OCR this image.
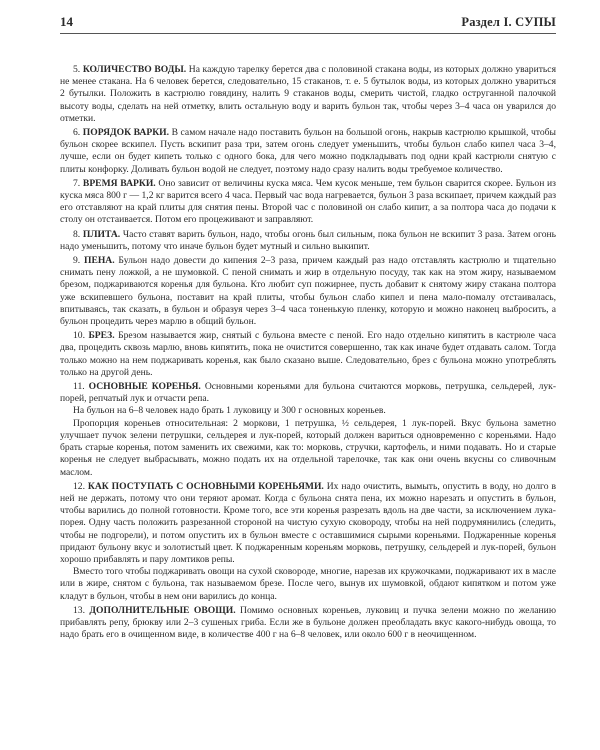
14	Раздел I. СУПЫ

5. КОЛИЧЕСТВО ВОДЫ. На каждую тарелку берется два с половиной стакана воды, из которых должно увариться не менее стакана. На 6 человек берется, следовательно, 15 стаканов, т. е. 5 бутылок воды, из которых должно увариться 2 бутылки. Положить в кастрюлю говядину, налить 9 стаканов воды, смерить чистой, гладко оструганной палочкой высоту воды, сделать на ней отметку, влить остальную воду и варить бульон так, чтобы через 3–4 часа он уварился до отметки.

6. ПОРЯДОК ВАРКИ. В самом начале надо поставить бульон на большой огонь, накрыв кастрюлю крышкой, чтобы бульон скорее вскипел. Пусть вскипит раза три, затем огонь следует уменьшить, чтобы бульон слабо кипел часа 3–4, лучше, если он будет кипеть только с одного бока, для чего можно подкладывать под одни край кастрюли снятую с плиты конфорку. Доливать бульон водой не следует, поэтому надо сразу налить воды требуемое количество.

7. ВРЕМЯ ВАРКИ. Оно зависит от величины куска мяса. Чем кусок меньше, тем бульон сварится скорее. Бульон из куска мяса 800 г — 1,2 кг варится всего 4 часа. Первый час вода нагревается, бульон 3 раза вскипает, причем каждый раз его отставляют на край плиты для снятия пены. Второй час с половиной он слабо кипит, а за полтора часа до подачи к столу он отстаивается. Потом его процеживают и заправляют.

8. ПЛИТА. Часто ставят варить бульон, надо, чтобы огонь был сильным, пока бульон не вскипит 3 раза. Затем огонь надо уменьшить, потому что иначе бульон будет мутный и сильно выкипит.

9. ПЕНА. Бульон надо довести до кипения 2–3 раза, причем каждый раз надо отставлять кастрюлю и тщательно снимать пену ложкой, а не шумовкой. С пеной снимать и жир в отдельную посуду, так как на этом жиру, называемом брезом, поджариваются коренья для бульона. Кто любит суп пожирнее, пусть добавит к снятому жиру стакана полтора уже вскипевшего бульона, поставит на край плиты, чтобы бульон слабо кипел и пена мало-помалу отстаивалась, впитываясь, так сказать, в бульон и образуя через 3–4 часа тоненькую пленку, которую и можно наконец выбросить, а бульон процедить через марлю в общий бульон.

10. БРЕЗ. Брезом называется жир, снятый с бульона вместе с пеной. Его надо отдельно кипятить в кастрюле часа два, процедить сквозь марлю, вновь кипятить, пока не очистится совершенно, так как иначе будет отдавать салом. Тогда только можно на нем поджаривать коренья, как было сказано выше. Следовательно, брез с бульона можно употреблять только на другой день.

11. ОСНОВНЫЕ КОРЕНЬЯ. Основными кореньями для бульона считаются морковь, петрушка, сельдерей, лук-порей, репчатый лук и отчасти репа.

На бульон на 6–8 человек надо брать 1 луковицу и 300 г основных кореньев.

Пропорция кореньев относительная: 2 моркови, 1 петрушка, ½ сельдерея, 1 лук-порей. Вкус бульона заметно улучшает пучок зелени петрушки, сельдерея и лук-порей, который должен вариться одновременно с кореньями. Надо брать старые коренья, потом заменить их свежими, как то: морковь, стручки, картофель, и ними подавать. Но и старые коренья не следует выбрасывать, можно подать их на отдельной тарелочке, так как они очень вкусны со сливочным маслом.

12. КАК ПОСТУПАТЬ С ОСНОВНЫМИ КОРЕНЬЯМИ. Их надо очистить, вымыть, опустить в воду, но долго в ней не держать, потому что они теряют аромат. Когда с бульона снята пена, их можно нарезать и опустить в бульон, чтобы варились до полной готовности. Кроме того, все эти коренья разрезать вдоль на две части, за исключением лука-порея. Одну часть положить разрезанной стороной на чистую сухую сковороду, чтобы на ней подрумянились (следить, чтобы не подгорели), и потом опустить их в бульон вместе с оставшимися сырыми кореньями. Поджаренные коренья придают бульону вкус и золотистый цвет. К поджаренным кореньям морковь, петрушку, сельдерей и лук-порей, бульон хорошо прибавлять и пару ломтиков репы.

Вместо того чтобы поджаривать овощи на сухой сковороде, многие, нарезав их кружочками, поджаривают их в масле или в жире, снятом с бульона, так называемом брезе. После чего, вынув их шумовкой, обдают кипятком и потом уже кладут в бульон, чтобы в нем они варились до конца.

13. ДОПОЛНИТЕЛЬНЫЕ ОВОЩИ. Помимо основных кореньев, луковиц и пучка зелени можно по желанию прибавлять репу, брюкву или 2–3 сушеных гриба. Если же в бульоне должен преобладать вкус какого-нибудь овоща, то надо брать его в очищенном виде, в количестве 400 г на 6–8 человек, или около 600 г в неочищенном.
